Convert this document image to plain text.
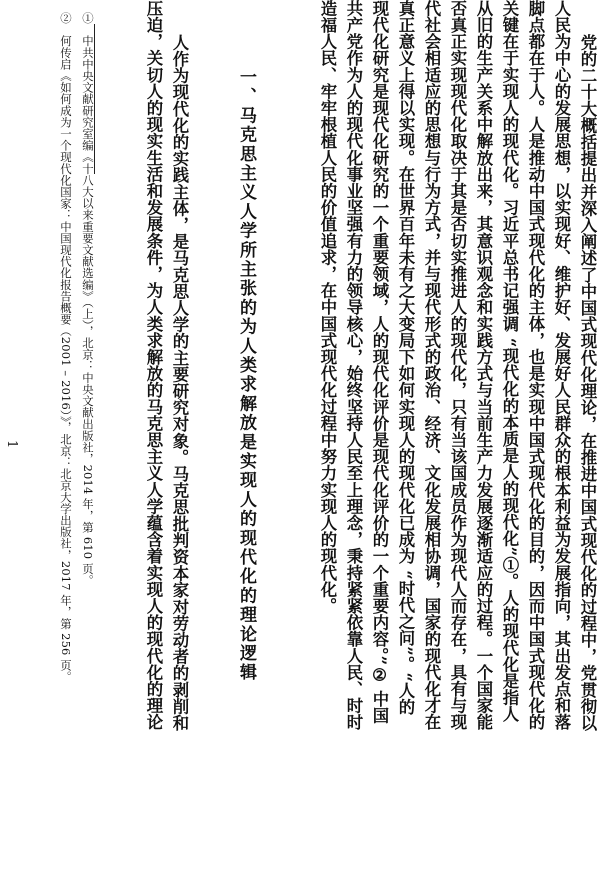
党的二十大概括提出并深入阐述了中国式现代化理论，在推进中国式现代化的过程中，党贯彻以
人民为中心的发展思想，以实现好、维护好、发展好人民群众的根本利益为发展指向，其出发点和落
脚点都在于人。人是推动中国式现代化的主体，也是实现中国式现代化的目的，因而中国式现代化的
关键在于实现人的现代化。习近平总书记强调 “现代化的本质是人的现代化”①。人的现代化是指人
从旧的生产关系中解放出来，其意识观念和实践方式与当前生产力发展逐渐适应的过程。一个国家能
否真正实现现代化取决于其是否切实推进人的现代化，只有当该国成员作为现代人而存在，具有与现
代社会相适应的思想与行为方式，并与现代形式的政治、经济、文化发展相协调，国家的现代化才在
真正意义上得以实现。在世界百年未有之大变局下如何实现人的现代化已成为 “时代之问”。“人的
现代化研究是现代化研究的一个重要领域，人的现代化评价是现代化评价的一个重要内容。”② 中国
共产党作为人的现代化事业坚强有力的领导核心，始终坚持人民至上理念，秉持紧紧依靠人民、时时
造福人民、牢牢根植人民的价值追求，在中国式现代化过程中努力实现人的现代化。
一、马克思主义人学所主张的为人类求解放是实现人的现代化的理论逻辑
人作为现代化的实践主体，是马克思人学的主要研究对象。马克思批判资本家对劳动者的剥削和
压迫，关切人的现实生活和发展条件，为人类求解放的马克思主义人学蕴含着实现人的现代化的理论
①　中共中央文献研究室编《十八大以来重要文献选编》（上），北京：中央文献出版社，2014 年，第 610 页。
②　何传启《如何成为一个现代化国家：中国现代化报告概要（2001 – 2016）》，北京：北京大学出版社，2017 年，第 256 页。
1
